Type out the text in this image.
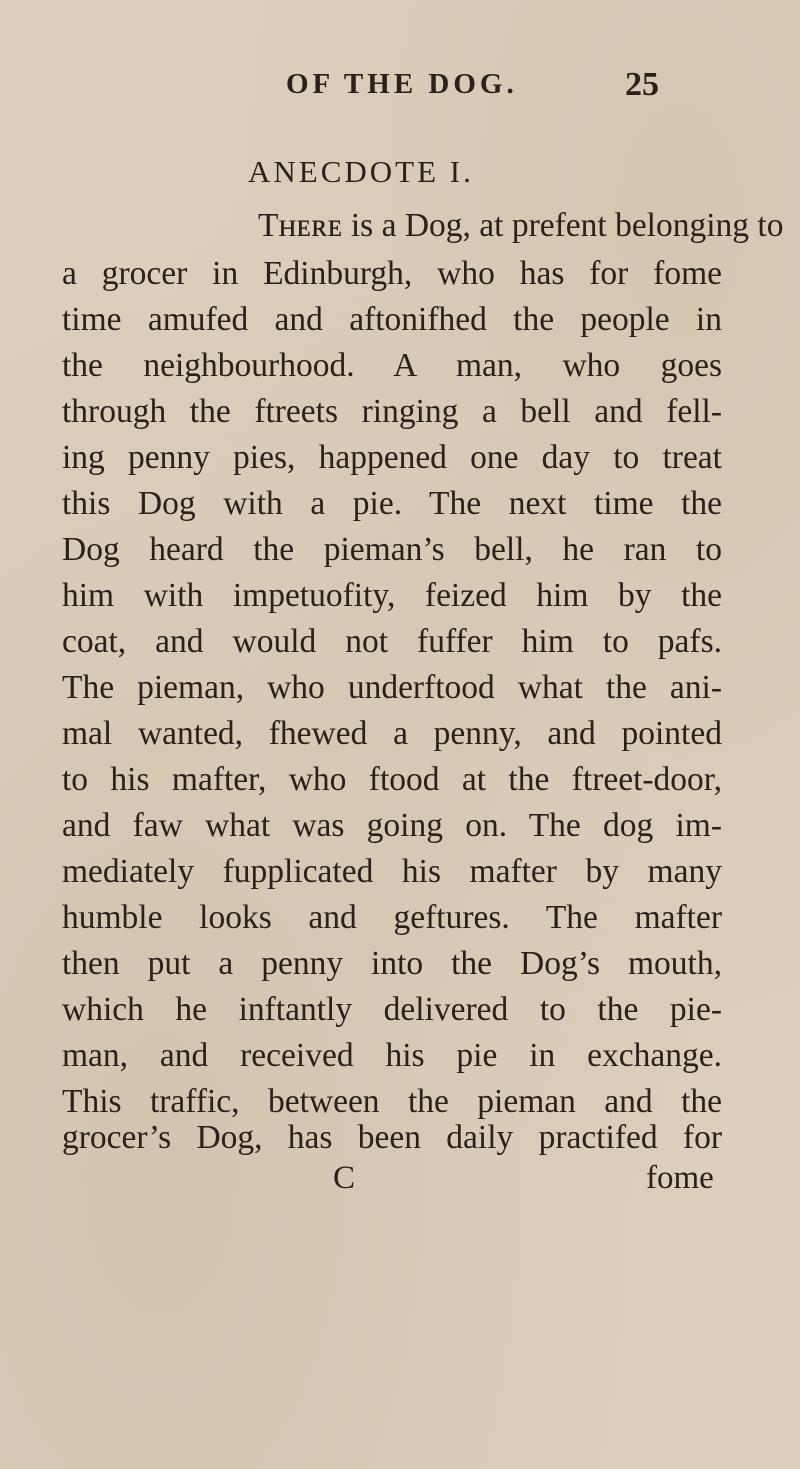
OF THE DOG.	25
ANECDOTE I.
Tʜᴇʀᴇ is a Dog, at prefent belonging to
a grocer in Edinburgh, who has for fome
time amufed and aftonifhed the people in
the neighbourhood. A man, who goes
through the ftreets ringing a bell and fell-
ing penny pies, happened one day to treat
this Dog with a pie. The next time the
Dog heard the pieman’s bell, he ran to
him with impetuofity, feized him by the
coat, and would not fuffer him to pafs.
The pieman, who underftood what the ani-
mal wanted, fhewed a penny, and pointed
to his mafter, who ftood at the ftreet-door,
and faw what was going on. The dog im-
mediately fupplicated his mafter by many
humble looks and geftures. The mafter
then put a penny into the Dog’s mouth,
which he inftantly delivered to the pie-
man, and received his pie in exchange.
This traffic, between the pieman and the
grocer’s Dog, has been daily practifed for
C	fome
